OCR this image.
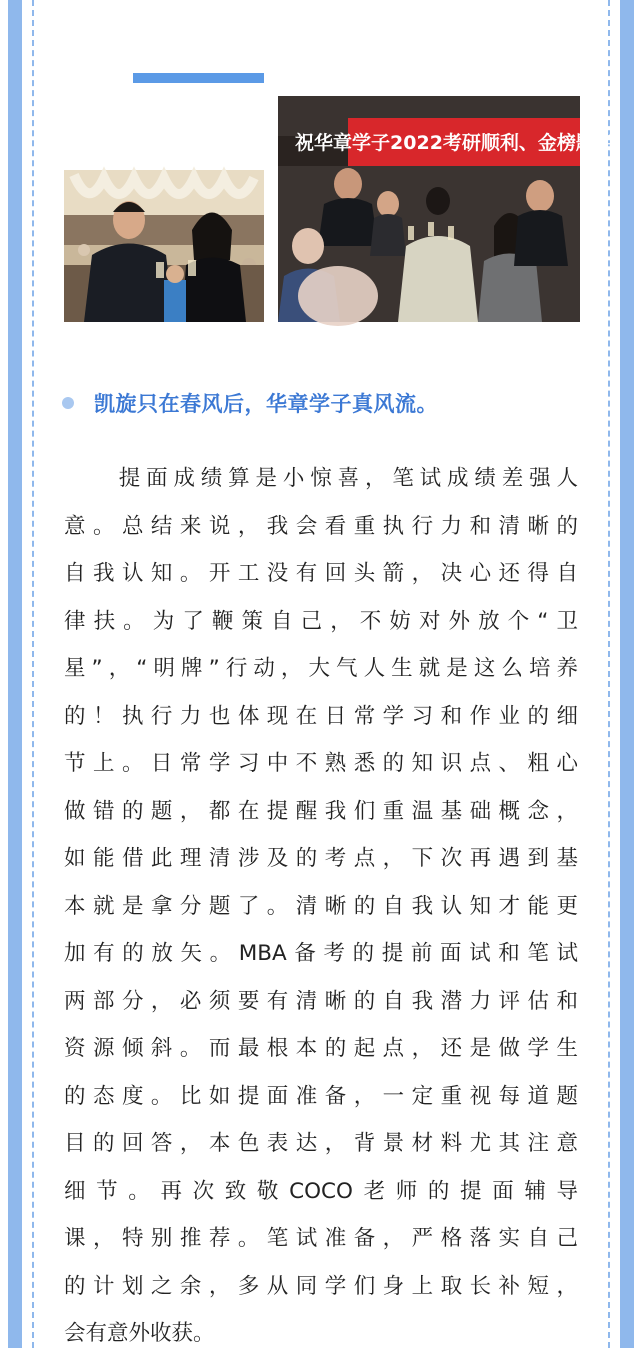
祝华章学子2022考研顺利、金榜题名！
凯旋只在春风后，华章学子真风流。
　　提面成绩算是小惊喜，笔试成绩差强人
意。总结来说，我会看重执行力和清晰的
自我认知。开工没有回头箭，决心还得自
律扶。为了鞭策自己，不妨对外放个“卫
星”，“明牌”行动，大气人生就是这么培养
的！执行力也体现在日常学习和作业的细
节上。日常学习中不熟悉的知识点、粗心
做错的题，都在提醒我们重温基础概念，
如能借此理清涉及的考点，下次再遇到基
本就是拿分题了。清晰的自我认知才能更
加有的放矢。MBA备考的提前面试和笔试
两部分，必须要有清晰的自我潜力评估和
资源倾斜。而最根本的起点，还是做学生
的态度。比如提面准备，一定重视每道题
目的回答，本色表达，背景材料尤其注意
细节。再次致敬COCO老师的提面辅导
课，特别推荐。笔试准备，严格落实自己
的计划之余，多从同学们身上取长补短，
会有意外收获。
